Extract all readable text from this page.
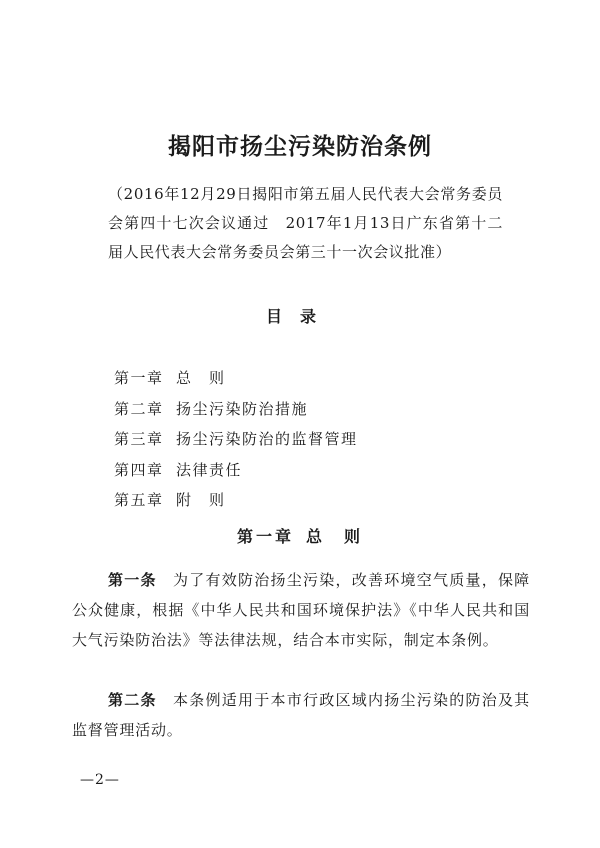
揭阳市扬尘污染防治条例
（2016年12月29日揭阳市第五届人民代表大会常务委员会第四十七次会议通过　2017年1月13日广东省第十二届人民代表大会常务委员会第三十一次会议批准）
目录
第一章 总　则
第二章 扬尘污染防治措施
第三章 扬尘污染防治的监督管理
第四章 法律责任
第五章 附　则
第一章 总　则
第一条　 为了有效防治扬尘污染，改善环境空气质量，保障公众健康，根据《中华人民共和国环境保护法》《中华人民共和国大气污染防治法》等法律法规，结合本市实际，制定本条例。
第二条　 本条例适用于本市行政区域内扬尘污染的防治及其监督管理活动。
—2—
